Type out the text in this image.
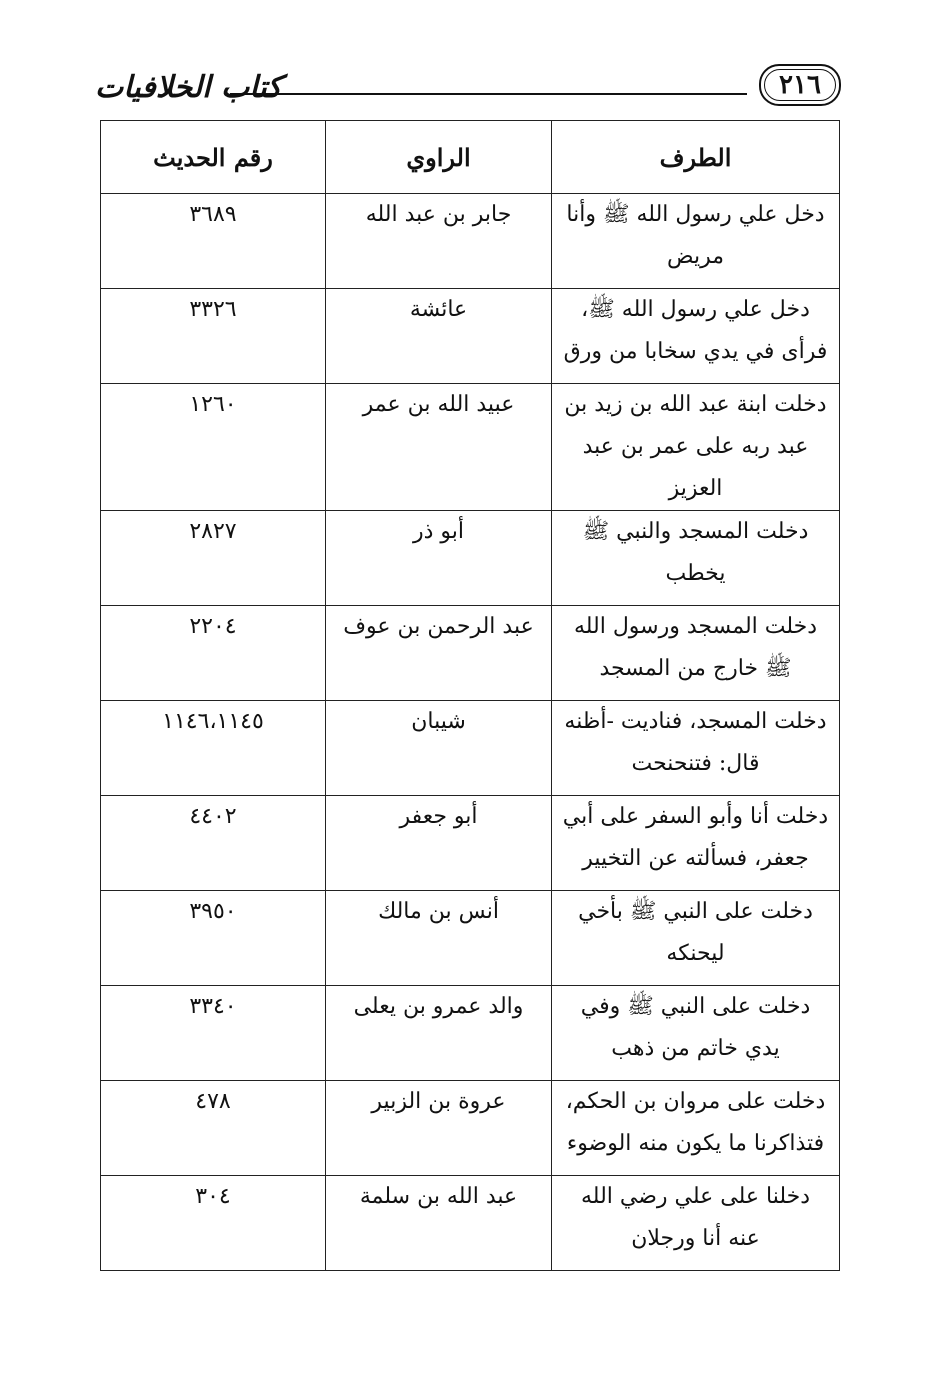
كتاب الخلافيات	٢١٦
الطرف	الراوي	رقم الحديث
دخل علي رسول الله ﷺ وأنا مريض	جابر بن عبد الله	٣٦٨٩
دخل علي رسول الله ﷺ، فرأى في يدي سخابا من ورق	عائشة	٣٣٢٦
دخلت ابنة عبد الله بن زيد بن عبد ربه على عمر بن عبد العزيز	عبيد الله بن عمر	١٢٦٠
دخلت المسجد والنبي ﷺ يخطب	أبو ذر	٢٨٢٧
دخلت المسجد ورسول الله ﷺ خارج من المسجد	عبد الرحمن بن عوف	٢٢٠٤
دخلت المسجد، فناديت -أظنه قال: فتنحنحت	شيبان	١١٤٦،١١٤٥
دخلت أنا وأبو السفر على أبي جعفر، فسألته عن التخيير	أبو جعفر	٤٤٠٢
دخلت على النبي ﷺ بأخي ليحنكه	أنس بن مالك	٣٩٥٠
دخلت على النبي ﷺ وفي يدي خاتم من ذهب	والد عمرو بن يعلى	٣٣٤٠
دخلت على مروان بن الحكم، فتذاكرنا ما يكون منه الوضوء	عروة بن الزبير	٤٧٨
دخلنا على علي رضي الله عنه أنا ورجلان	عبد الله بن سلمة	٣٠٤
